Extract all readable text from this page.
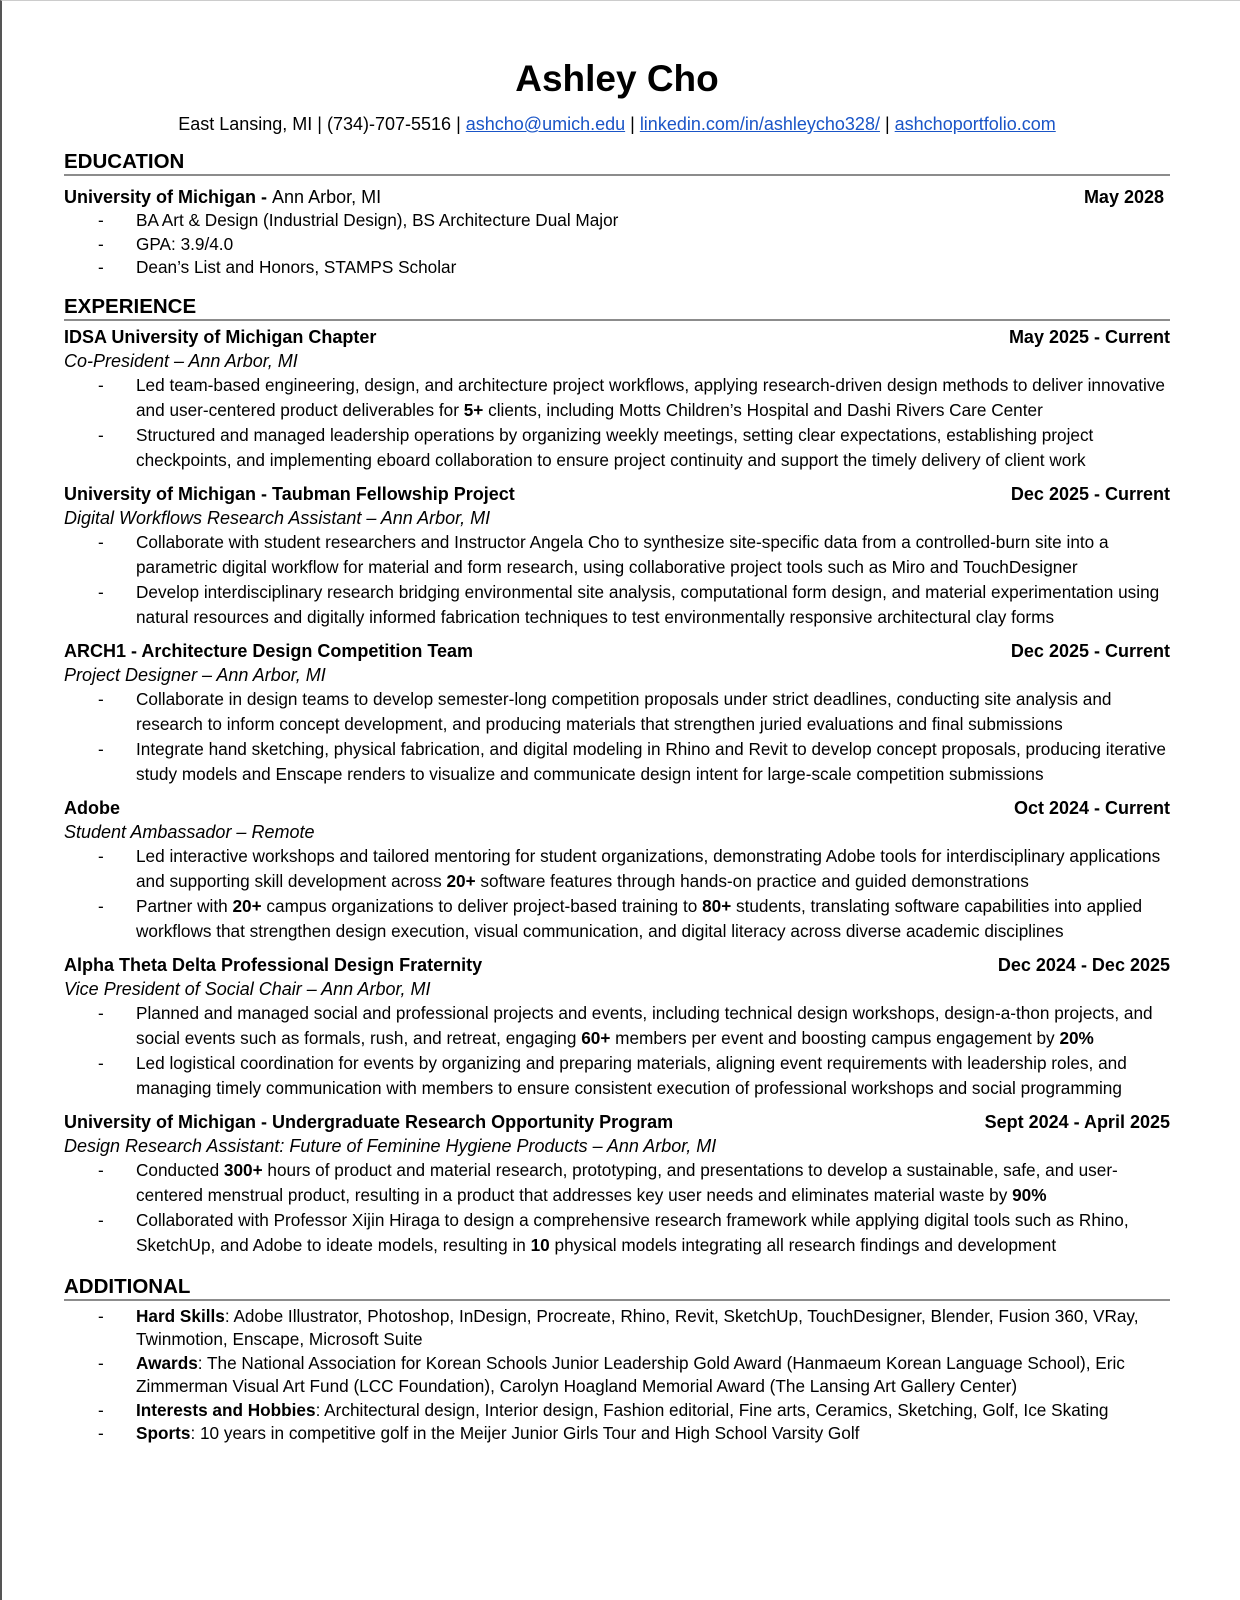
Ashley Cho
East Lansing, MI | (734)-707-5516 | ashcho@umich.edu | linkedin.com/in/ashleycho328/ | ashchoportfolio.com
EDUCATION
University of Michigan - Ann Arbor, MI	May 2028
- BA Art & Design (Industrial Design), BS Architecture Dual Major
- GPA: 3.9/4.0
- Dean’s List and Honors, STAMPS Scholar
EXPERIENCE
IDSA University of Michigan Chapter	May 2025 - Current
Co-President – Ann Arbor, MI
- Led team-based engineering, design, and architecture project workflows, applying research-driven design methods to deliver innovative and user-centered product deliverables for 5+ clients, including Motts Children’s Hospital and Dashi Rivers Care Center
- Structured and managed leadership operations by organizing weekly meetings, setting clear expectations, establishing project checkpoints, and implementing eboard collaboration to ensure project continuity and support the timely delivery of client work
University of Michigan - Taubman Fellowship Project	Dec 2025 - Current
Digital Workflows Research Assistant – Ann Arbor, MI
- Collaborate with student researchers and Instructor Angela Cho to synthesize site-specific data from a controlled-burn site into a parametric digital workflow for material and form research, using collaborative project tools such as Miro and TouchDesigner
- Develop interdisciplinary research bridging environmental site analysis, computational form design, and material experimentation using natural resources and digitally informed fabrication techniques to test environmentally responsive architectural clay forms
ARCH1 - Architecture Design Competition Team	Dec 2025 - Current
Project Designer – Ann Arbor, MI
- Collaborate in design teams to develop semester-long competition proposals under strict deadlines, conducting site analysis and research to inform concept development, and producing materials that strengthen juried evaluations and final submissions
- Integrate hand sketching, physical fabrication, and digital modeling in Rhino and Revit to develop concept proposals, producing iterative study models and Enscape renders to visualize and communicate design intent for large-scale competition submissions
Adobe	Oct 2024 - Current
Student Ambassador – Remote
- Led interactive workshops and tailored mentoring for student organizations, demonstrating Adobe tools for interdisciplinary applications and supporting skill development across 20+ software features through hands-on practice and guided demonstrations
- Partner with 20+ campus organizations to deliver project-based training to 80+ students, translating software capabilities into applied workflows that strengthen design execution, visual communication, and digital literacy across diverse academic disciplines
Alpha Theta Delta Professional Design Fraternity	Dec 2024 - Dec 2025
Vice President of Social Chair – Ann Arbor, MI
- Planned and managed social and professional projects and events, including technical design workshops, design-a-thon projects, and social events such as formals, rush, and retreat, engaging 60+ members per event and boosting campus engagement by 20%
- Led logistical coordination for events by organizing and preparing materials, aligning event requirements with leadership roles, and managing timely communication with members to ensure consistent execution of professional workshops and social programming
University of Michigan - Undergraduate Research Opportunity Program	Sept 2024 - April 2025
Design Research Assistant: Future of Feminine Hygiene Products – Ann Arbor, MI
- Conducted 300+ hours of product and material research, prototyping, and presentations to develop a sustainable, safe, and user-centered menstrual product, resulting in a product that addresses key user needs and eliminates material waste by 90%
- Collaborated with Professor Xijin Hiraga to design a comprehensive research framework while applying digital tools such as Rhino, SketchUp, and Adobe to ideate models, resulting in 10 physical models integrating all research findings and development
ADDITIONAL
- Hard Skills: Adobe Illustrator, Photoshop, InDesign, Procreate, Rhino, Revit, SketchUp, TouchDesigner, Blender, Fusion 360, VRay, Twinmotion, Enscape, Microsoft Suite
- Awards: The National Association for Korean Schools Junior Leadership Gold Award (Hanmaeum Korean Language School), Eric Zimmerman Visual Art Fund (LCC Foundation), Carolyn Hoagland Memorial Award (The Lansing Art Gallery Center)
- Interests and Hobbies: Architectural design, Interior design, Fashion editorial, Fine arts, Ceramics, Sketching, Golf, Ice Skating
- Sports: 10 years in competitive golf in the Meijer Junior Girls Tour and High School Varsity Golf
